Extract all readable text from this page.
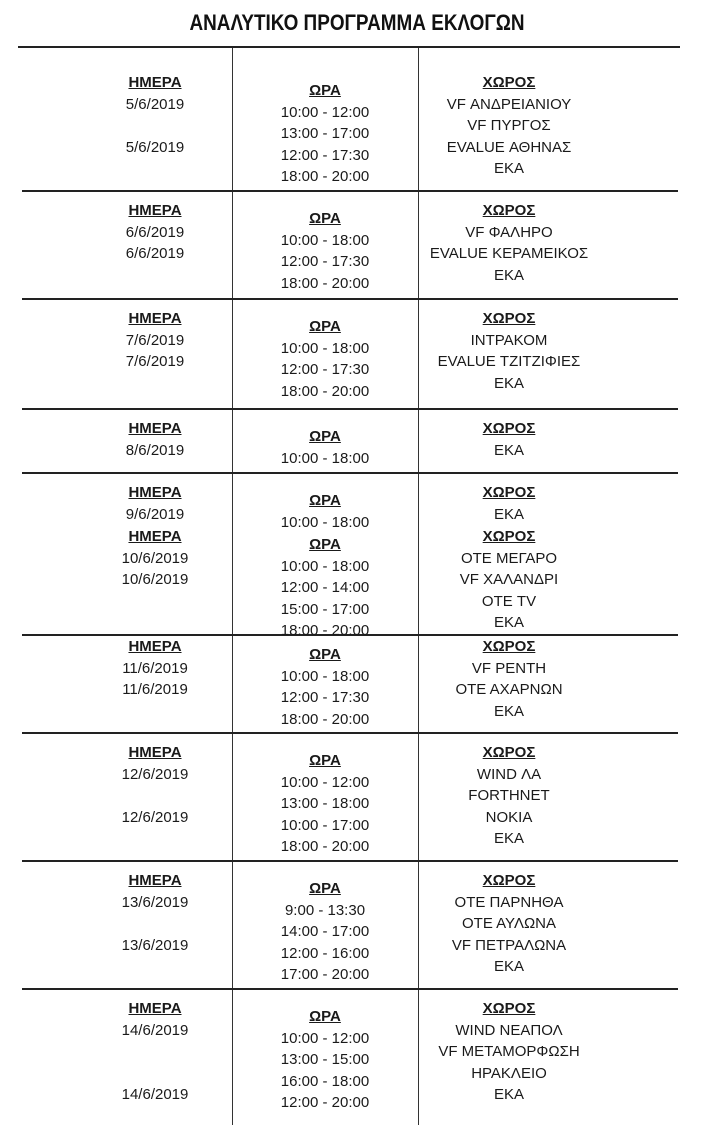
ΑΝΑΛΥΤΙΚΟ ΠΡΟΓΡΑΜΜΑ ΕΚΛΟΓΩΝ
ΗΜΕΡΑ
5/6/2019
5/6/2019
ΩΡΑ
10:00 - 12:00
13:00 - 17:00
12:00 - 17:30
18:00 - 20:00
ΧΩΡΟΣ
VF ΑΝΔΡΕΙΑΝΙΟΥ
VF ΠΥΡΓΟΣ
EVALUE ΑΘΗΝΑΣ
ΕΚΑ
ΗΜΕΡΑ
6/6/2019
6/6/2019
ΩΡΑ
10:00 - 18:00
12:00 - 17:30
18:00 - 20:00
ΧΩΡΟΣ
VF ΦΑΛΗΡΟ
EVALUE ΚΕΡΑΜΕΙΚΟΣ
ΕΚΑ
ΗΜΕΡΑ
7/6/2019
7/6/2019
ΩΡΑ
10:00 - 18:00
12:00 - 17:30
18:00 - 20:00
ΧΩΡΟΣ
ΙΝΤΡΑΚΟΜ
EVALUE ΤΖΙΤΖΙΦΙΕΣ
ΕΚΑ
ΗΜΕΡΑ
8/6/2019
ΩΡΑ
10:00 - 18:00
ΧΩΡΟΣ
ΕΚΑ
ΗΜΕΡΑ
9/6/2019
ΩΡΑ
10:00 - 18:00
ΧΩΡΟΣ
ΕΚΑ
ΗΜΕΡΑ
10/6/2019
10/6/2019
ΩΡΑ
10:00 - 18:00
12:00 - 14:00
15:00 - 17:00
18:00 - 20:00
ΧΩΡΟΣ
ΟΤΕ ΜΕΓΑΡΟ
VF ΧΑΛΑΝΔΡΙ
ΟΤΕ TV
ΕΚΑ
ΗΜΕΡΑ
11/6/2019
11/6/2019
ΩΡΑ
10:00 - 18:00
12:00 - 17:30
18:00 - 20:00
ΧΩΡΟΣ
VF ΡΕΝΤΗ
ΟΤΕ ΑΧΑΡΝΩΝ
ΕΚΑ
ΗΜΕΡΑ
12/6/2019
12/6/2019
ΩΡΑ
10:00 - 12:00
13:00 - 18:00
10:00 - 17:00
18:00 - 20:00
ΧΩΡΟΣ
WIND ΛΑ
FORTHNET
ΝΟΚΙΑ
ΕΚΑ
ΗΜΕΡΑ
13/6/2019
13/6/2019
ΩΡΑ
9:00 - 13:30
14:00 - 17:00
12:00 - 16:00
17:00 - 20:00
ΧΩΡΟΣ
ΟΤΕ ΠΑΡΝΗΘΑ
ΟΤΕ ΑΥΛΩΝΑ
VF ΠΕΤΡΑΛΩΝΑ
ΕΚΑ
ΗΜΕΡΑ
14/6/2019
14/6/2019
ΩΡΑ
10:00 - 12:00
13:00 - 15:00
16:00 - 18:00
12:00 - 20:00
ΧΩΡΟΣ
WIND ΝΕΑΠΟΛ
VF ΜΕΤΑΜΟΡΦΩΣΗ
ΗΡΑΚΛΕΙΟ
ΕΚΑ
